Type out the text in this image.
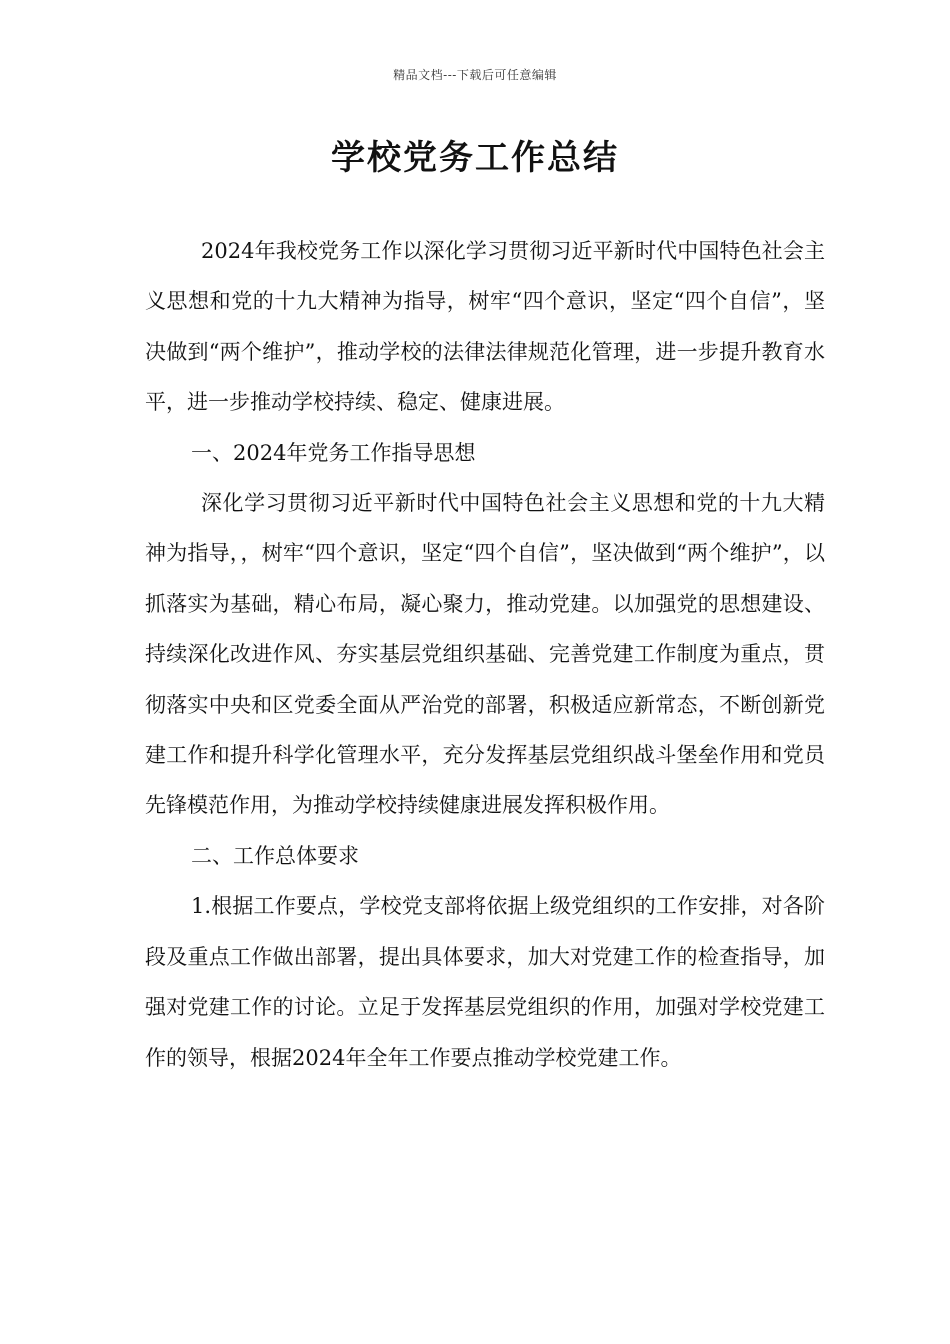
精品文档---下载后可任意编辑
学校党务工作总结

2024年我校党务工作以深化学习贯彻习近平新时代中国特色社会主义思想和党的十九大精神为指导，树牢“四个意识，坚定“四个自信”，坚决做到“两个维护”，推动学校的法律法律规范化管理，进一步提升教育水平，进一步推动学校持续、稳定、健康进展。

一、2024年党务工作指导思想

深化学习贯彻习近平新时代中国特色社会主义思想和党的十九大精神为指导，，树牢“四个意识，坚定“四个自信”，坚决做到“两个维护”，以抓落实为基础，精心布局，凝心聚力，推动党建。以加强党的思想建设、持续深化改进作风、夯实基层党组织基础、完善党建工作制度为重点，贯彻落实中央和区党委全面从严治党的部署，积极适应新常态，不断创新党建工作和提升科学化管理水平，充分发挥基层党组织战斗堡垒作用和党员先锋模范作用，为推动学校持续健康进展发挥积极作用。

二、工作总体要求

1.根据工作要点，学校党支部将依据上级党组织的工作安排，对各阶段及重点工作做出部署，提出具体要求，加大对党建工作的检查指导，加强对党建工作的讨论。立足于发挥基层党组织的作用，加强对学校党建工作的领导，根据2024年全年工作要点推动学校党建工作。
